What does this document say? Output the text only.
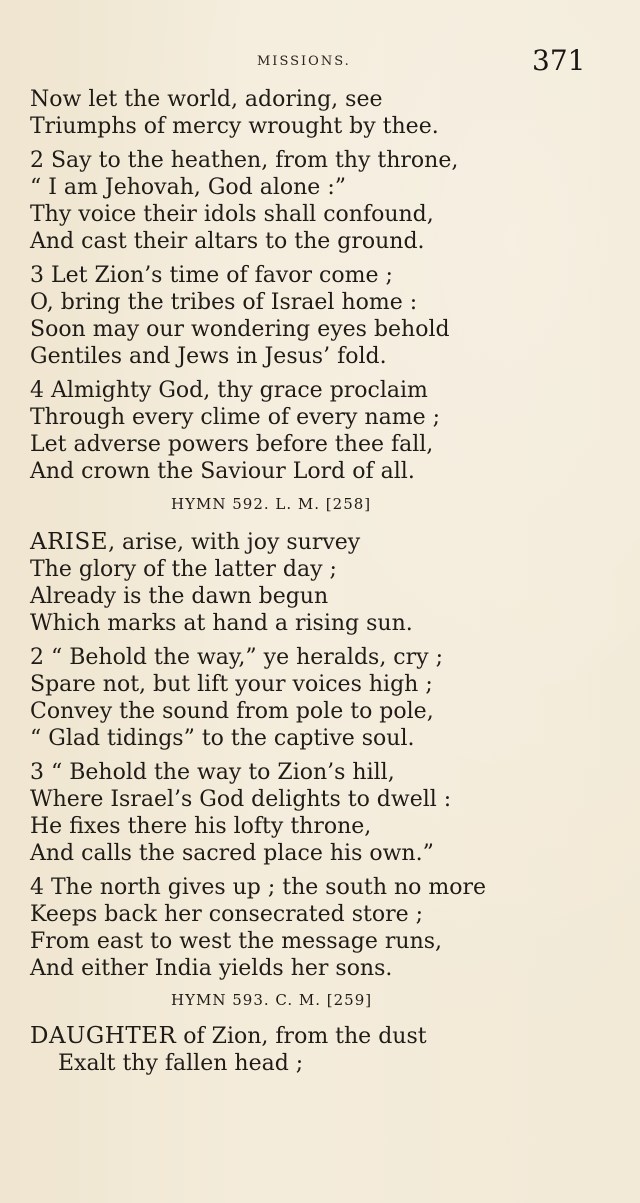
MISSIONS.	371
Now let the world, adoring, see
Triumphs of mercy wrought by thee.
2 Say to the heathen, from thy throne,
“ I am Jehovah, God alone :”
Thy voice their idols shall confound,
And cast their altars to the ground.
3 Let Zion’s time of favor come ;
O, bring the tribes of Israel home :
Soon may our wondering eyes behold
Gentiles and Jews in Jesus’ fold.
4 Almighty God, thy grace proclaim
Through every clime of every name ;
Let adverse powers before thee fall,
And crown the Saviour Lord of all.
HYMN 592. L. M. [258]
ARISE, arise, with joy survey
The glory of the latter day ;
Already is the dawn begun
Which marks at hand a rising sun.
2 “ Behold the way,” ye heralds, cry ;
Spare not, but lift your voices high ;
Convey the sound from pole to pole,
“ Glad tidings” to the captive soul.
3 “ Behold the way to Zion’s hill,
Where Israel’s God delights to dwell :
He fixes there his lofty throne,
And calls the sacred place his own.”
4 The north gives up ; the south no more
Keeps back her consecrated store ;
From east to west the message runs,
And either India yields her sons.
HYMN 593. C. M. [259]
DAUGHTER of Zion, from the dust
Exalt thy fallen head ;
